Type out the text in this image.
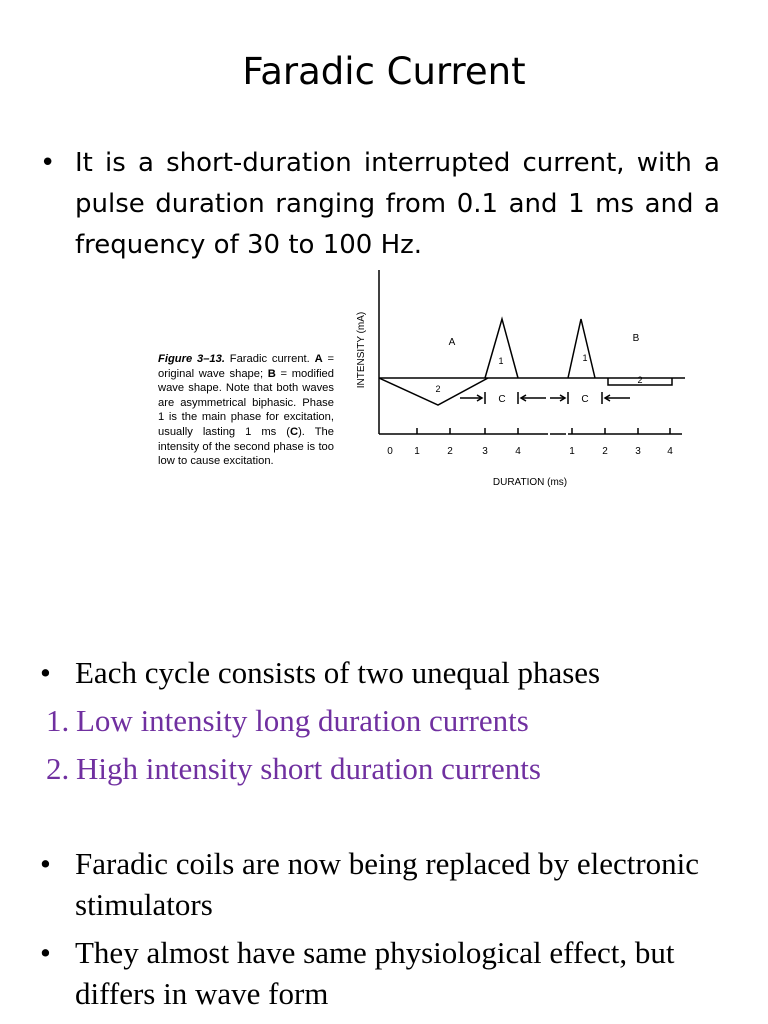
Faradic Current
• It is a short-duration interrupted current, with a pulse duration ranging from 0.1 and 1 ms and a frequency of 30 to 100 Hz.
Figure 3–13. Faradic current. A = original wave shape; B = modified wave shape. Note that both waves are asymmetrical biphasic. Phase 1 is the main phase for excitation, usually lasting 1 ms (C). The intensity of the second phase is too low to cause excitation.
INTENSITY (mA)	A	B
1	1
2
2
C	C
0 1	2	3	4	1	2	3	4
DURATION (ms)
• Each cycle consists of two unequal phases
1. Low intensity long duration currents
2. High intensity short duration currents
• Faradic coils are now being replaced by electronic stimulators
• They almost have same physiological effect, but differs in wave form
